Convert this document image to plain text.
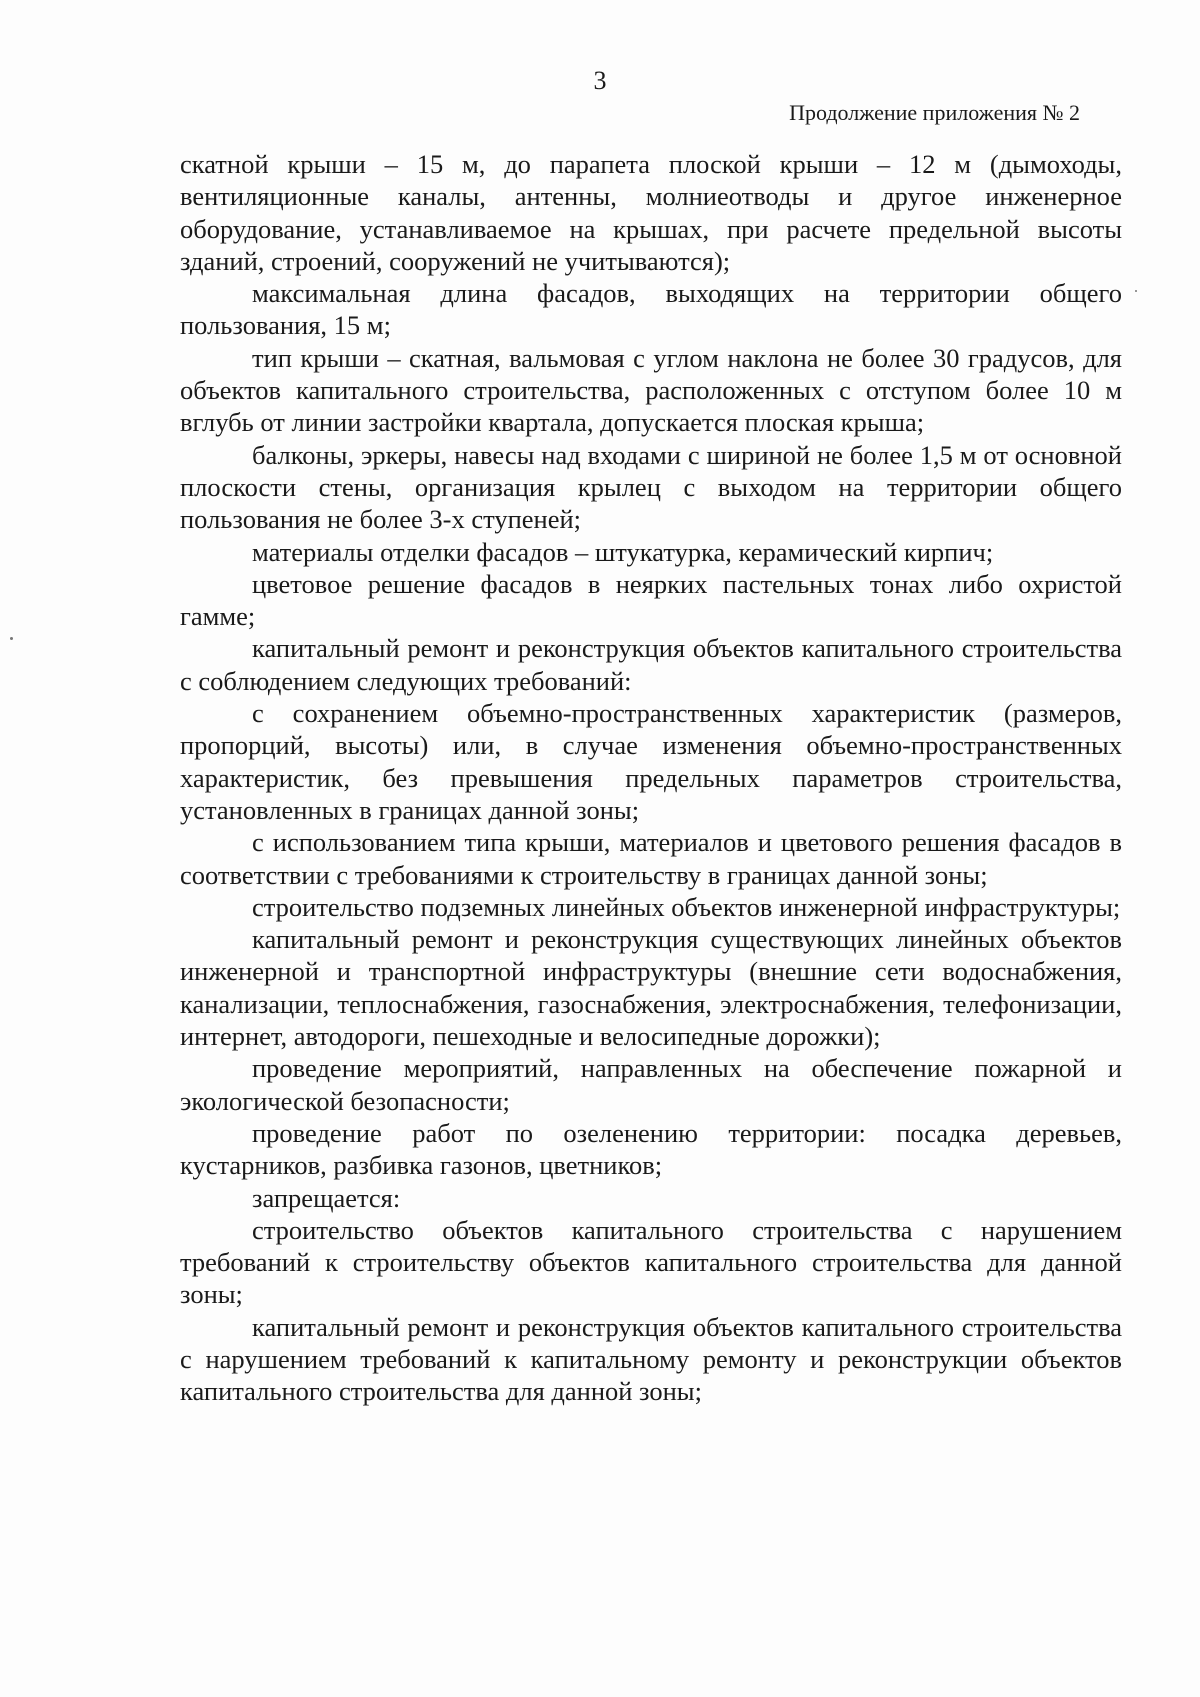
3
Продолжение приложения № 2

скатной крыши – 15 м, до парапета плоской крыши – 12 м (дымоходы, вентиляционные каналы, антенны, молниеотводы и другое инженерное оборудование, устанавливаемое на крышах, при расчете предельной высоты зданий, строений, сооружений не учитываются);

максимальная длина фасадов, выходящих на территории общего пользования, 15 м;

тип крыши – скатная, вальмовая с углом наклона не более 30 градусов, для объектов капитального строительства, расположенных с отступом более 10 м вглубь от линии застройки квартала, допускается плоская крыша;

балконы, эркеры, навесы над входами с шириной не более 1,5 м от основной плоскости стены, организация крылец с выходом на территории общего пользования не более 3-х ступеней;

материалы отделки фасадов – штукатурка, керамический кирпич;

цветовое решение фасадов в неярких пастельных тонах либо охристой гамме;

капитальный ремонт и реконструкция объектов капитального строительства с соблюдением следующих требований:

с сохранением объемно-пространственных характеристик (размеров, пропорций, высоты) или, в случае изменения объемно-пространственных характеристик, без превышения предельных параметров строительства, установленных в границах данной зоны;

с использованием типа крыши, материалов и цветового решения фасадов в соответствии с требованиями к строительству в границах данной зоны;

строительство подземных линейных объектов инженерной инфраструктуры;

капитальный ремонт и реконструкция существующих линейных объектов инженерной и транспортной инфраструктуры (внешние сети водоснабжения, канализации, теплоснабжения, газоснабжения, электроснабжения, телефонизации, интернет, автодороги, пешеходные и велосипедные дорожки);

проведение мероприятий, направленных на обеспечение пожарной и экологической безопасности;

проведение работ по озеленению территории: посадка деревьев, кустарников, разбивка газонов, цветников;

запрещается:

строительство объектов капитального строительства с нарушением требований к строительству объектов капитального строительства для данной зоны;

капитальный ремонт и реконструкция объектов капитального строительства с нарушением требований к капитальному ремонту и реконструкции объектов капитального строительства для данной зоны;
